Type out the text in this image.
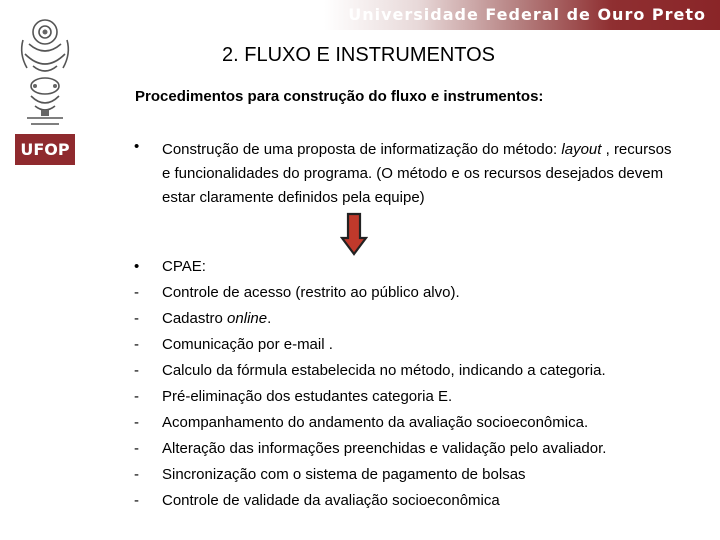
Universidade Federal de Ouro Preto
UFOP
2. FLUXO E INSTRUMENTOS
Procedimentos para construção do fluxo e instrumentos:
• Construção de uma proposta de informatização do método: layout , recursos e funcionalidades do programa. (O método e os recursos desejados devem estar claramente definidos pela equipe)
• CPAE:
- Controle de acesso (restrito ao público alvo).
- Cadastro online.
- Comunicação por e-mail .
- Calculo da fórmula estabelecida no método, indicando a categoria.
- Pré-eliminação dos estudantes categoria E.
- Acompanhamento do andamento da avaliação socioeconômica.
- Alteração das informações preenchidas e validação pelo avaliador.
- Sincronização com o sistema de pagamento de bolsas
- Controle de validade da avaliação socioeconômica
